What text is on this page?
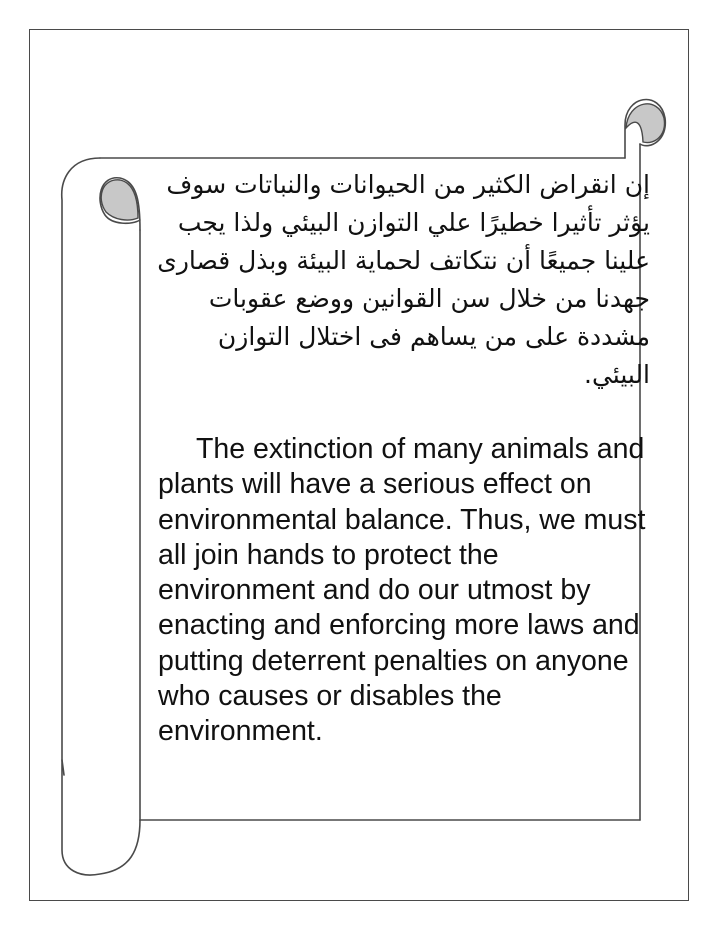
إن انقراض الكثير من الحيوانات والنباتات سوف يؤثر تأثيرا خطيرًا علي التوازن البيئي ولذا يجب علينا جميعًا أن نتكاتف لحماية البيئة وبذل قصارى جهدنا من خلال سن القوانين ووضع عقوبات مشددة على من يساهم فى اختلال التوازن البيئي.

The extinction of many animals and plants will have a serious effect on environmental balance. Thus, we must all join hands to protect the environment and do our utmost by enacting and enforcing more laws and putting deterrent penalties on anyone who causes or disables the environment.
